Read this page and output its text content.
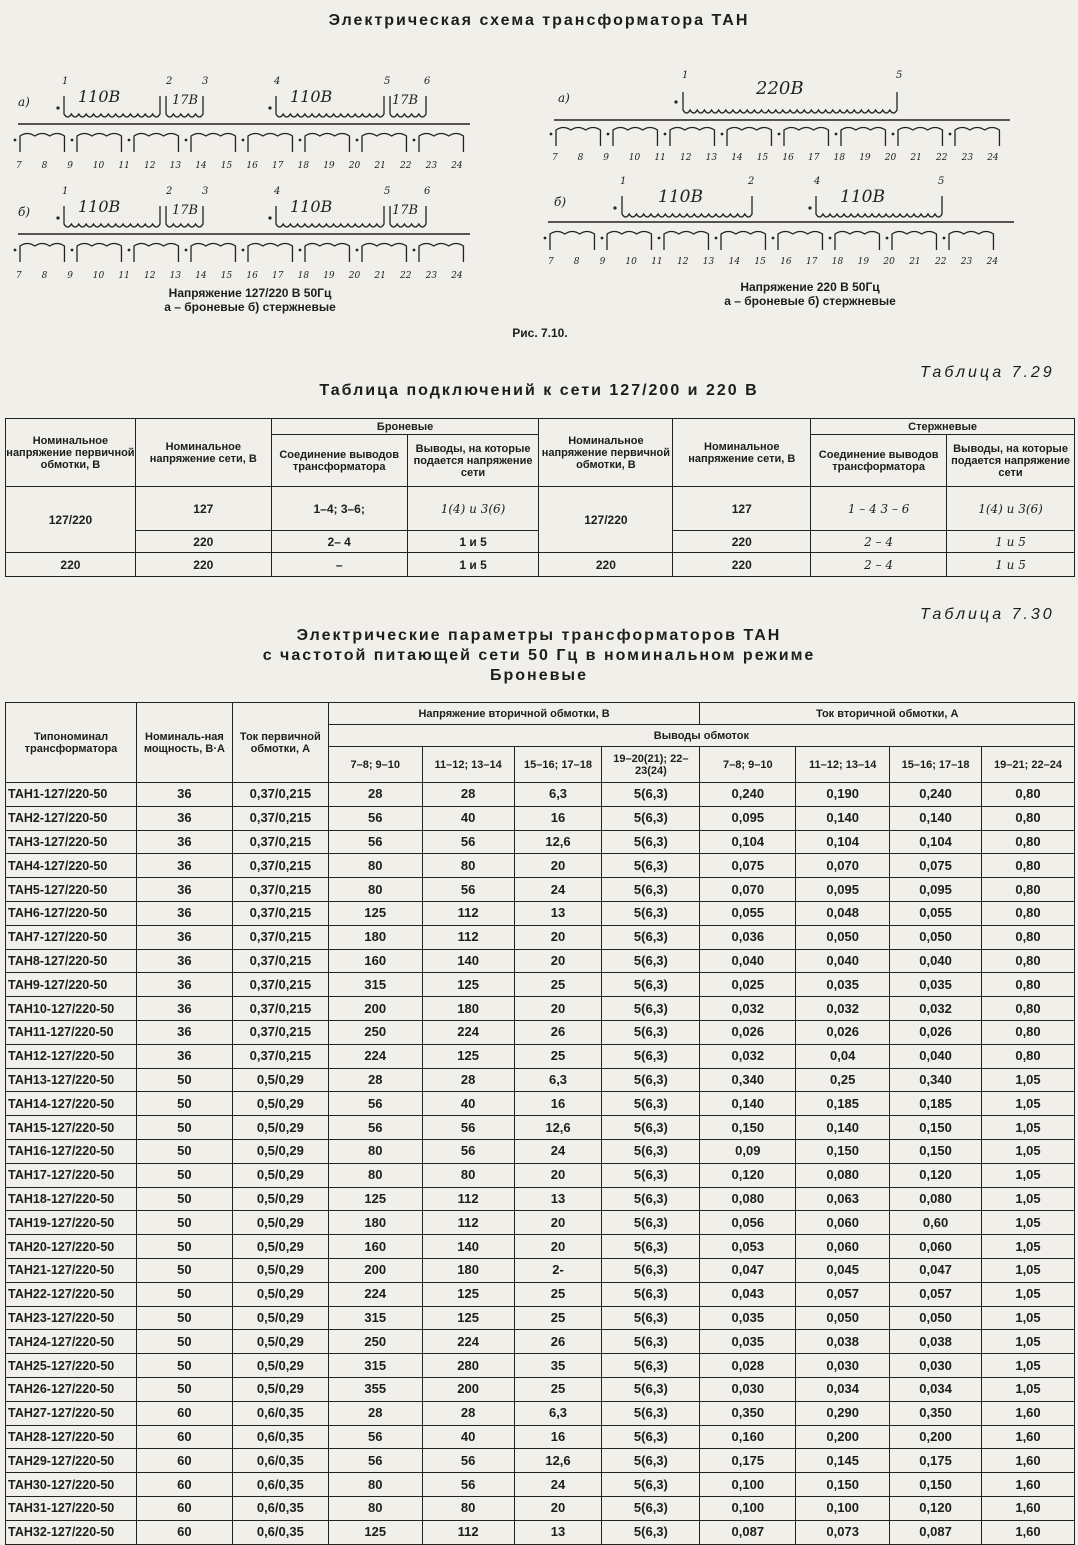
Электрическая схема трансформатора ТАН
а)	110В	17В	110В	17В
1	2	3	4	5	6
7 8 9 10 11 12 13 14 15 16 17 18 19 20 21 22 23 24
б)	110В	17В	110В	17В
1	2	3	4	5	6
7 8 9 10 11 12 13 14 15 16 17 18 19 20 21 22 23 24
Напряжение 127/220 В 50Гц
а – броневые б) стержневые
а)	220В
1	5
7 8 9 10 11 12 13 14 15 16 17 18 19 20 21 22 23 24
б)	110В	110В
1	2	4	5
7 8 9 10 11 12 13 14 15 16 17 18 19 20 21 22 23 24
Напряжение 220 В 50Гц
а – броневые б) стержневые
Рис. 7.10.
Таблица 7.29
Таблица подключений к сети 127/200 и 220 В
Номинальное напряжение первичной обмотки, В	Номинальное напряжение сети, В	Броневые		Номинальное напряжение первичной обмотки, В	Номинальное напряжение сети, В	Стержневые	
		Соединение выводов трансформатора	Выводы, на которые подается напряжение сети			Соединение выводов трансформатора	Выводы, на которые подается напряжение сети
127/220	127	1–4; 3–6;	1(4) и 3(6)	127/220	127	1 – 4 3 – 6	1(4) и 3(6)
	220	2– 4	1 и 5		220	2 – 4	1 и 5
220	220	–	1 и 5	220	220	2 – 4	1 и 5
Таблица 7.30
Электрические параметры трансформаторов ТАН
с частотой питающей сети 50 Гц в номинальном режиме
Броневые
Типономинал трансформатора	Номиналь-ная мощность, В·А	Ток первичной обмотки, А	Напряжение вторичной обмотки, В				Ток вторичной обмотки, А			
			Выводы обмоток							
			7–8; 9–10	11–12; 13–14	15–16; 17–18	19–20(21); 22–23(24)	7–8; 9–10	11–12; 13–14	15–16; 17–18	19–21; 22–24
ТАН1-127/220-50	36	0,37/0,215	28	28	6,3	5(6,3)	0,240	0,190	0,240	0,80
ТАН2-127/220-50	36	0,37/0,215	56	40	16	5(6,3)	0,095	0,140	0,140	0,80
ТАН3-127/220-50	36	0,37/0,215	56	56	12,6	5(6,3)	0,104	0,104	0,104	0,80
ТАН4-127/220-50	36	0,37/0,215	80	80	20	5(6,3)	0,075	0,070	0,075	0,80
ТАН5-127/220-50	36	0,37/0,215	80	56	24	5(6,3)	0,070	0,095	0,095	0,80
ТАН6-127/220-50	36	0,37/0,215	125	112	13	5(6,3)	0,055	0,048	0,055	0,80
ТАН7-127/220-50	36	0,37/0,215	180	112	20	5(6,3)	0,036	0,050	0,050	0,80
ТАН8-127/220-50	36	0,37/0,215	160	140	20	5(6,3)	0,040	0,040	0,040	0,80
ТАН9-127/220-50	36	0,37/0,215	315	125	25	5(6,3)	0,025	0,035	0,035	0,80
ТАН10-127/220-50	36	0,37/0,215	200	180	20	5(6,3)	0,032	0,032	0,032	0,80
ТАН11-127/220-50	36	0,37/0,215	250	224	26	5(6,3)	0,026	0,026	0,026	0,80
ТАН12-127/220-50	36	0,37/0,215	224	125	25	5(6,3)	0,032	0,04	0,040	0,80
ТАН13-127/220-50	50	0,5/0,29	28	28	6,3	5(6,3)	0,340	0,25	0,340	1,05
ТАН14-127/220-50	50	0,5/0,29	56	40	16	5(6,3)	0,140	0,185	0,185	1,05
ТАН15-127/220-50	50	0,5/0,29	56	56	12,6	5(6,3)	0,150	0,140	0,150	1,05
ТАН16-127/220-50	50	0,5/0,29	80	56	24	5(6,3)	0,09	0,150	0,150	1,05
ТАН17-127/220-50	50	0,5/0,29	80	80	20	5(6,3)	0,120	0,080	0,120	1,05
ТАН18-127/220-50	50	0,5/0,29	125	112	13	5(6,3)	0,080	0,063	0,080	1,05
ТАН19-127/220-50	50	0,5/0,29	180	112	20	5(6,3)	0,056	0,060	0,60	1,05
ТАН20-127/220-50	50	0,5/0,29	160	140	20	5(6,3)	0,053	0,060	0,060	1,05
ТАН21-127/220-50	50	0,5/0,29	200	180	2-	5(6,3)	0,047	0,045	0,047	1,05
ТАН22-127/220-50	50	0,5/0,29	224	125	25	5(6,3)	0,043	0,057	0,057	1,05
ТАН23-127/220-50	50	0,5/0,29	315	125	25	5(6,3)	0,035	0,050	0,050	1,05
ТАН24-127/220-50	50	0,5/0,29	250	224	26	5(6,3)	0,035	0,038	0,038	1,05
ТАН25-127/220-50	50	0,5/0,29	315	280	35	5(6,3)	0,028	0,030	0,030	1,05
ТАН26-127/220-50	50	0,5/0,29	355	200	25	5(6,3)	0,030	0,034	0,034	1,05
ТАН27-127/220-50	60	0,6/0,35	28	28	6,3	5(6,3)	0,350	0,290	0,350	1,60
ТАН28-127/220-50	60	0,6/0,35	56	40	16	5(6,3)	0,160	0,200	0,200	1,60
ТАН29-127/220-50	60	0,6/0,35	56	56	12,6	5(6,3)	0,175	0,145	0,175	1,60
ТАН30-127/220-50	60	0,6/0,35	80	56	24	5(6,3)	0,100	0,150	0,150	1,60
ТАН31-127/220-50	60	0,6/0,35	80	80	20	5(6,3)	0,100	0,100	0,120	1,60
ТАН32-127/220-50	60	0,6/0,35	125	112	13	5(6,3)	0,087	0,073	0,087	1,60
